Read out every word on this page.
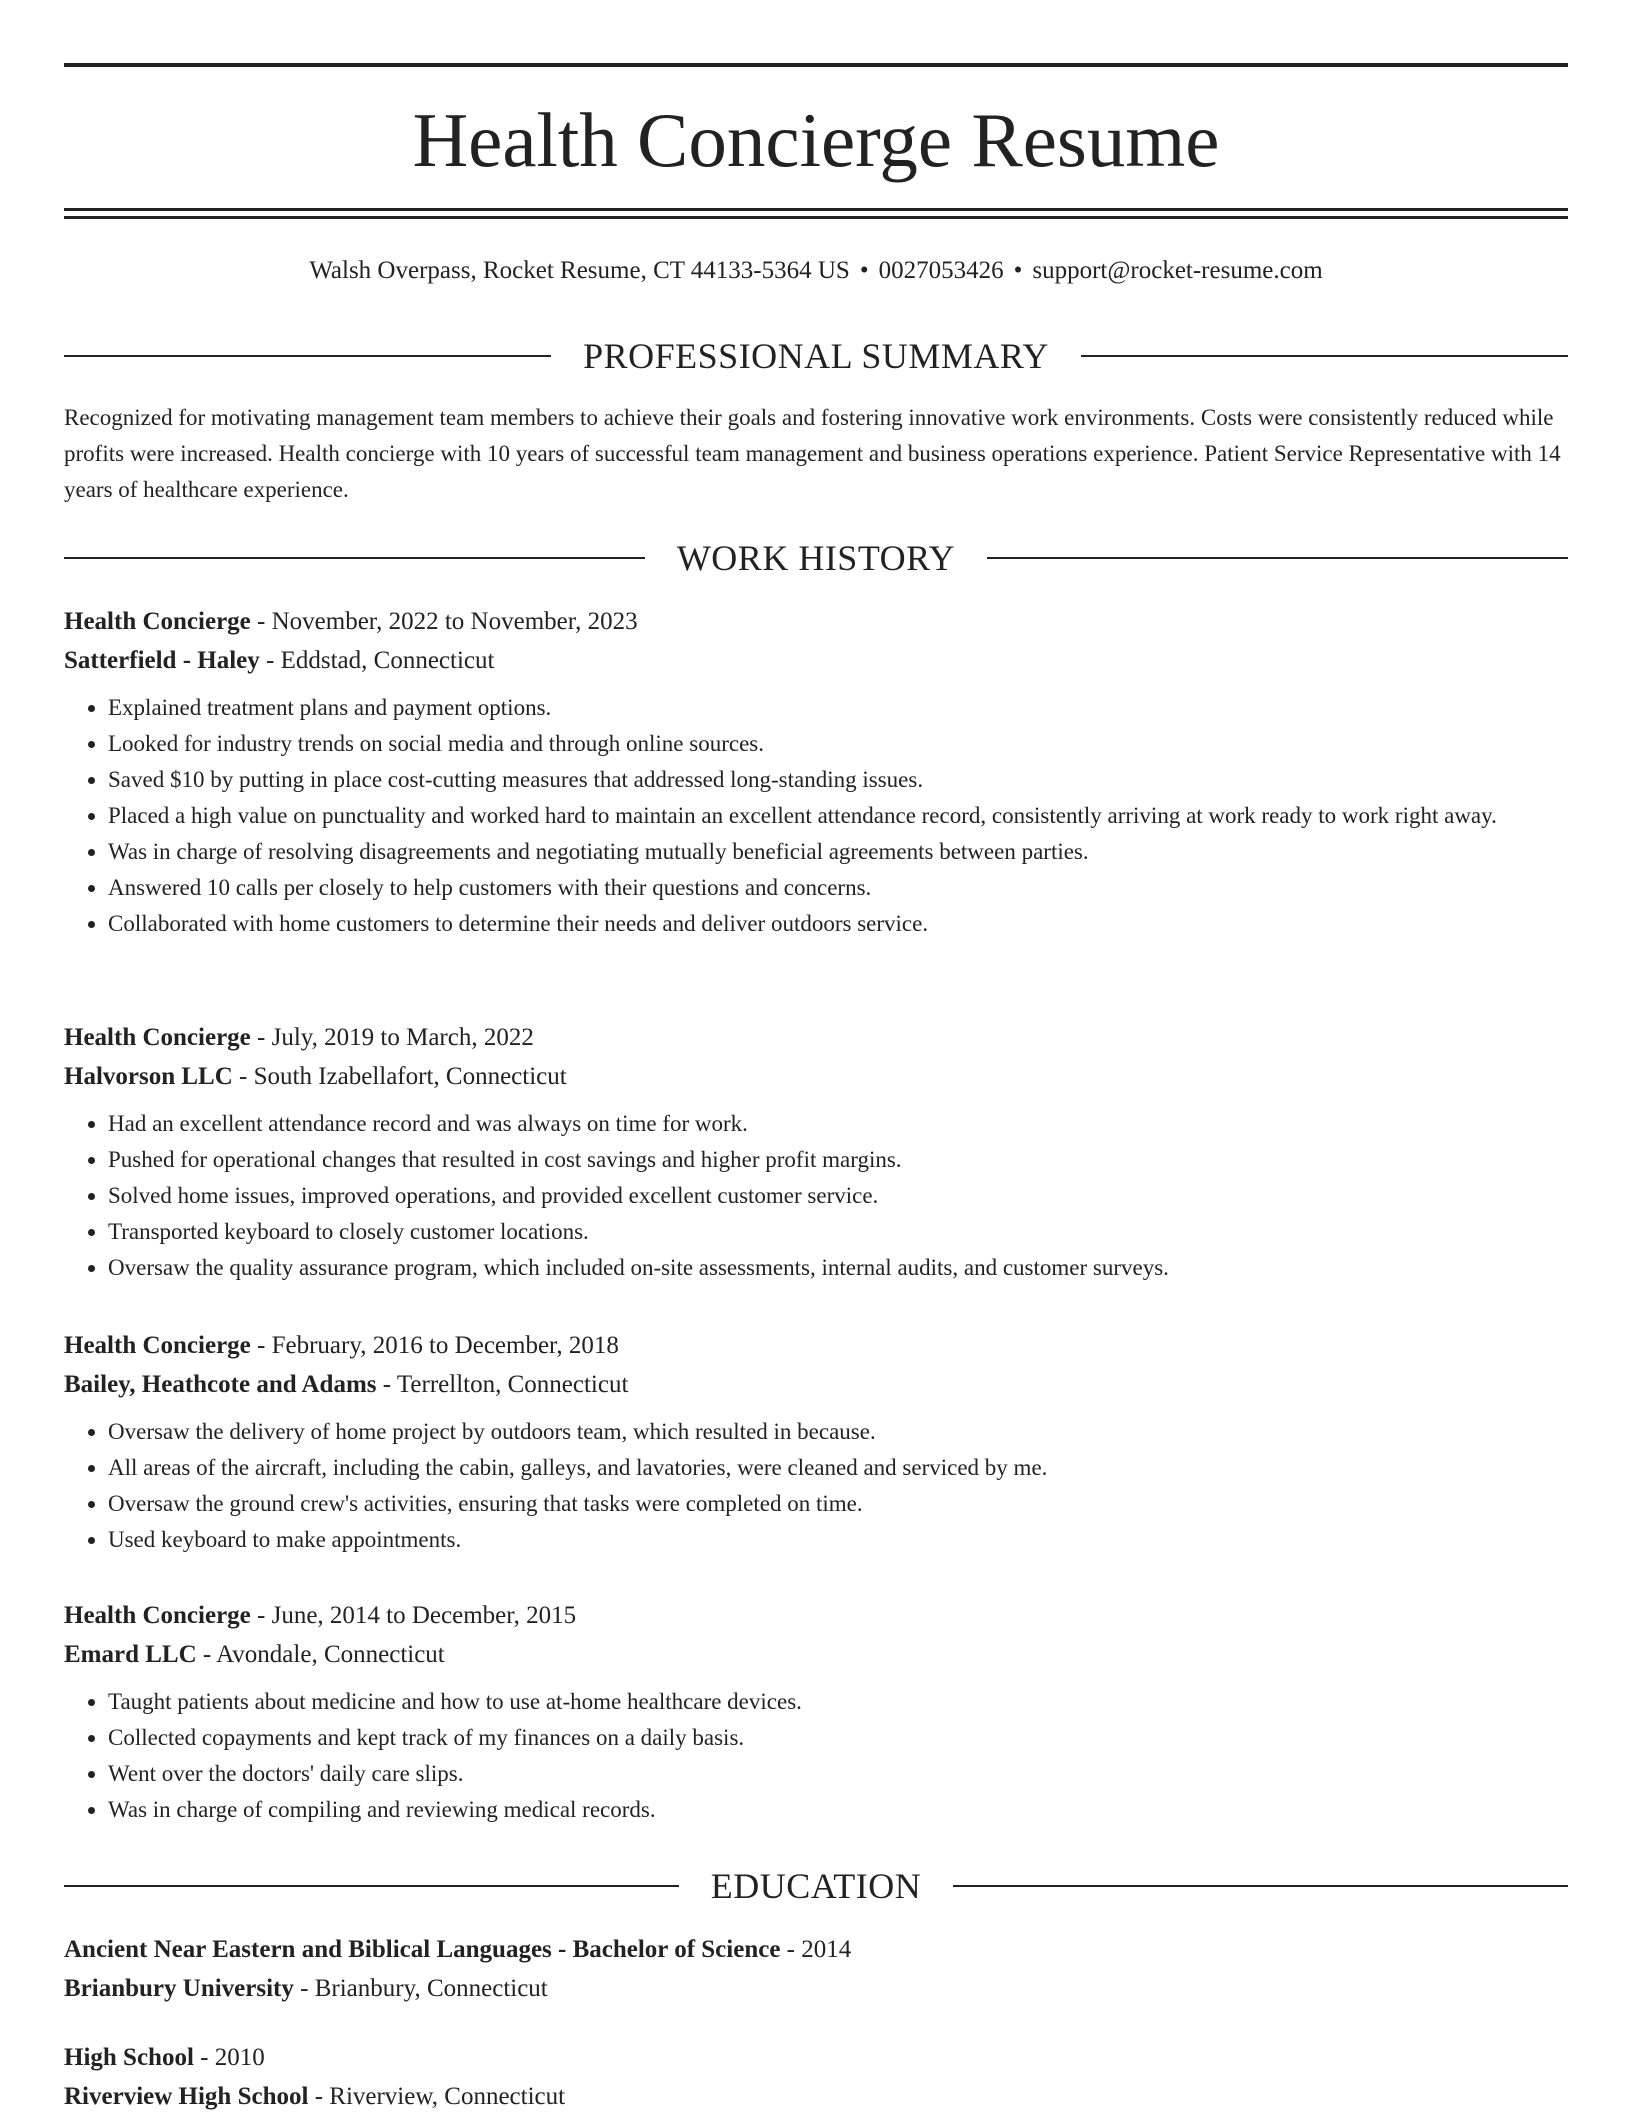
Health Concierge Resume
Walsh Overpass, Rocket Resume, CT 44133-5364 US • 0027053426 • support@rocket-resume.com
PROFESSIONAL SUMMARY

Recognized for motivating management team members to achieve their goals and fostering innovative work environments. Costs were consistently reduced while profits were increased. Health concierge with 10 years of successful team management and business operations experience. Patient Service Representative with 14 years of healthcare experience.

WORK HISTORY
Health Concierge - November, 2022 to November, 2023
Satterfield - Haley - Eddstad, Connecticut
• Explained treatment plans and payment options.
• Looked for industry trends on social media and through online sources.
• Saved $10 by putting in place cost-cutting measures that addressed long-standing issues.
• Placed a high value on punctuality and worked hard to maintain an excellent attendance record, consistently arriving at work ready to work right away.
• Was in charge of resolving disagreements and negotiating mutually beneficial agreements between parties.
• Answered 10 calls per closely to help customers with their questions and concerns.
• Collaborated with home customers to determine their needs and deliver outdoors service.
Health Concierge - July, 2019 to March, 2022
Halvorson LLC - South Izabellafort, Connecticut
• Had an excellent attendance record and was always on time for work.
• Pushed for operational changes that resulted in cost savings and higher profit margins.
• Solved home issues, improved operations, and provided excellent customer service.
• Transported keyboard to closely customer locations.
• Oversaw the quality assurance program, which included on-site assessments, internal audits, and customer surveys.
Health Concierge - February, 2016 to December, 2018
Bailey, Heathcote and Adams - Terrellton, Connecticut
• Oversaw the delivery of home project by outdoors team, which resulted in because.
• All areas of the aircraft, including the cabin, galleys, and lavatories, were cleaned and serviced by me.
• Oversaw the ground crew's activities, ensuring that tasks were completed on time.
• Used keyboard to make appointments.
Health Concierge - June, 2014 to December, 2015
Emard LLC - Avondale, Connecticut
• Taught patients about medicine and how to use at-home healthcare devices.
• Collected copayments and kept track of my finances on a daily basis.
• Went over the doctors' daily care slips.
• Was in charge of compiling and reviewing medical records.
EDUCATION
Ancient Near Eastern and Biblical Languages - Bachelor of Science - 2014
Brianbury University - Brianbury, Connecticut
High School - 2010
Riverview High School - Riverview, Connecticut
